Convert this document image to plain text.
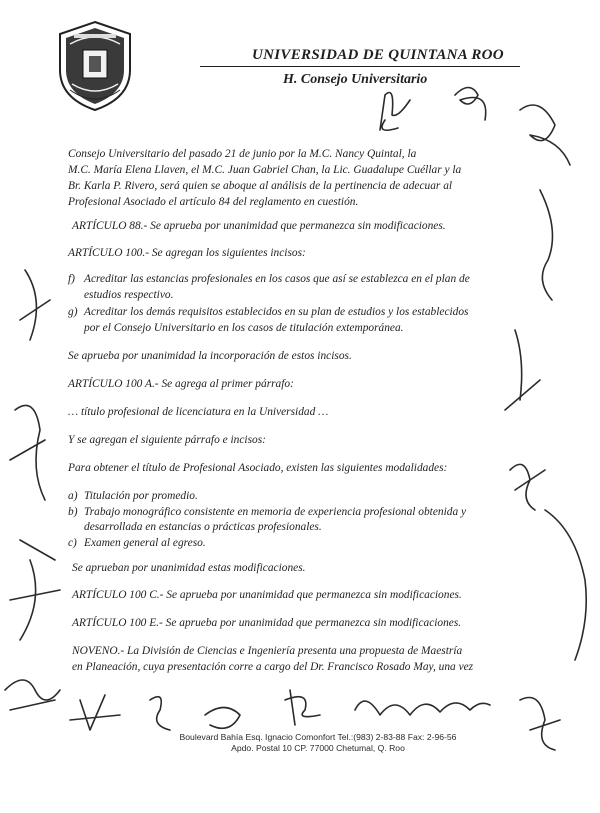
UNIVERSIDAD DE QUINTANA ROO
H. Consejo Universitario

Consejo Universitario del pasado 21 de junio por la M.C. Nancy Quintal, la

M.C. María Elena Llaven, el M.C. Juan Gabriel Chan, la Lic. Guadalupe Cuéllar y la

Br. Karla P. Rivero, será quien se aboque al análisis de la pertinencia de adecuar al

Profesional Asociado el artículo 84 del reglamento en cuestión.

ARTÍCULO 88.- Se aprueba por unanimidad que permanezca sin modificaciones.

ARTÍCULO 100.- Se agregan los siguientes incisos:

f) Acreditar las estancias profesionales en los casos que así se establezca en el plan de
estudios respectivo.
g) Acreditar los demás requisitos establecidos en su plan de estudios y los establecidos
por el Consejo Universitario en los casos de titulación extemporánea.

Se aprueba por unanimidad la incorporación de estos incisos.

ARTÍCULO 100 A.- Se agrega al primer párrafo:

… título profesional de licenciatura en la Universidad …

Y se agregan el siguiente párrafo e incisos:

Para obtener el título de Profesional Asociado, existen las siguientes modalidades:

a) Titulación por promedio.
b) Trabajo monográfico consistente en memoria de experiencia profesional obtenida y
desarrollada en estancias o prácticas profesionales.
c) Examen general al egreso.

Se aprueban por unanimidad estas modificaciones.

ARTÍCULO 100 C.- Se aprueba por unanimidad que permanezca sin modificaciones.

ARTÍCULO 100 E.- Se aprueba por unanimidad que permanezca sin modificaciones.

NOVENO.- La División de Ciencias e Ingeniería presenta una propuesta de Maestría

en Planeación, cuya presentación corre a cargo del Dr. Francisco Rosado May, una vez

Boulevard Bahía Esq. Ignacio Comonfort Tel.:(983) 2-83-88 Fax: 2-96-56
Apdo. Postal 10 CP. 77000 Chetumal, Q. Roo
